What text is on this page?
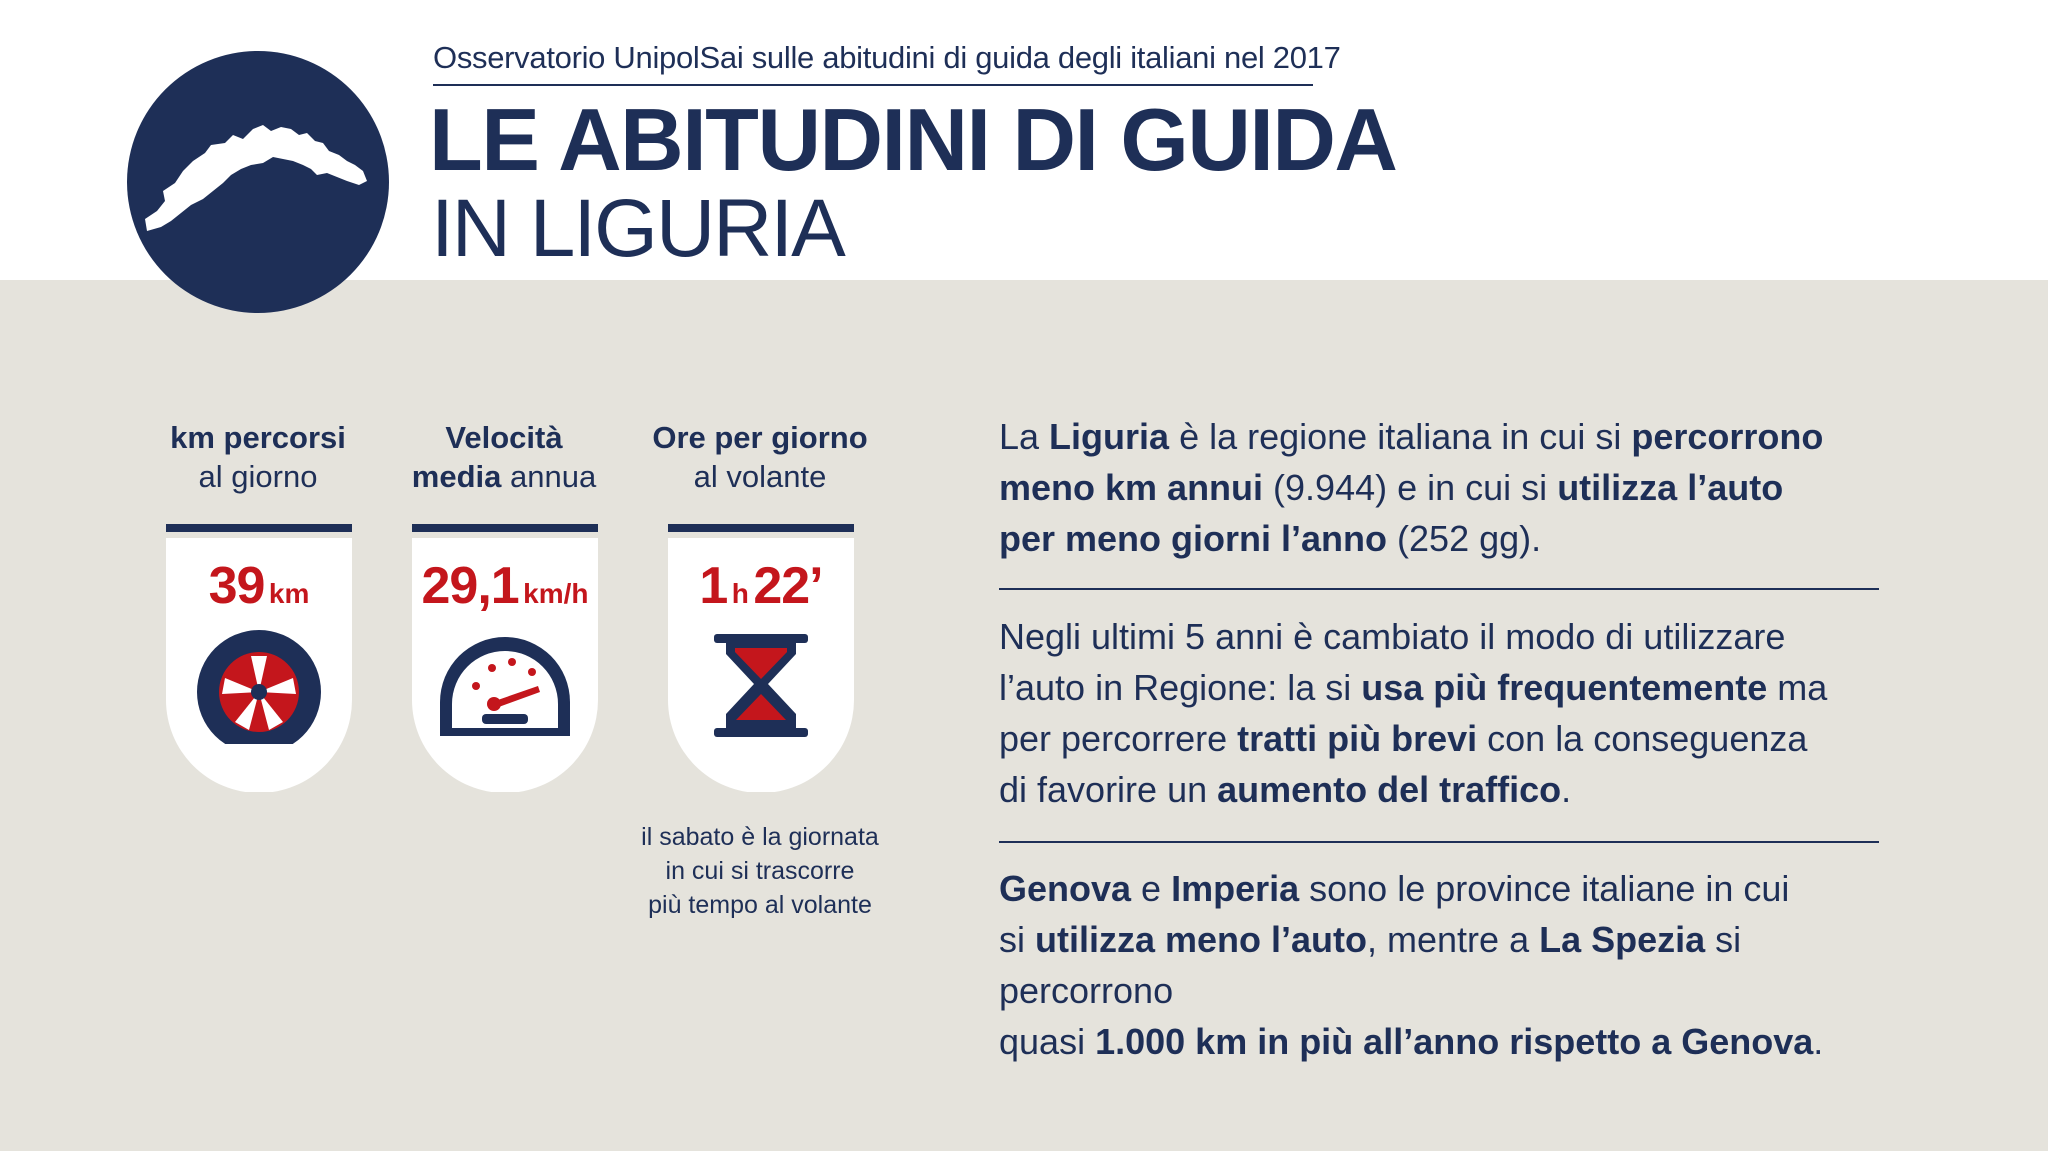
Osservatorio UnipolSai sulle abitudini di guida degli italiani nel 2017
LE ABITUDINI DI GUIDA
IN LIGURIA
km percorsi
al giorno
39 km
Velocità
media annua
29,1 km/h
Ore per giorno
al volante
1 h 22’
il sabato è la giornata
in cui si trascorre
più tempo al volante
La Liguria è la regione italiana in cui si percorrono
meno km annui (9.944) e in cui si utilizza l’auto
per meno giorni l’anno (252 gg).
Negli ultimi 5 anni è cambiato il modo di utilizzare
l’auto in Regione: la si usa più frequentemente ma
per percorrere tratti più brevi con la conseguenza
di favorire un aumento del traffico.
Genova e Imperia sono le province italiane in cui
si utilizza meno l’auto, mentre a La Spezia si percorrono
quasi 1.000 km in più all’anno rispetto a Genova.
